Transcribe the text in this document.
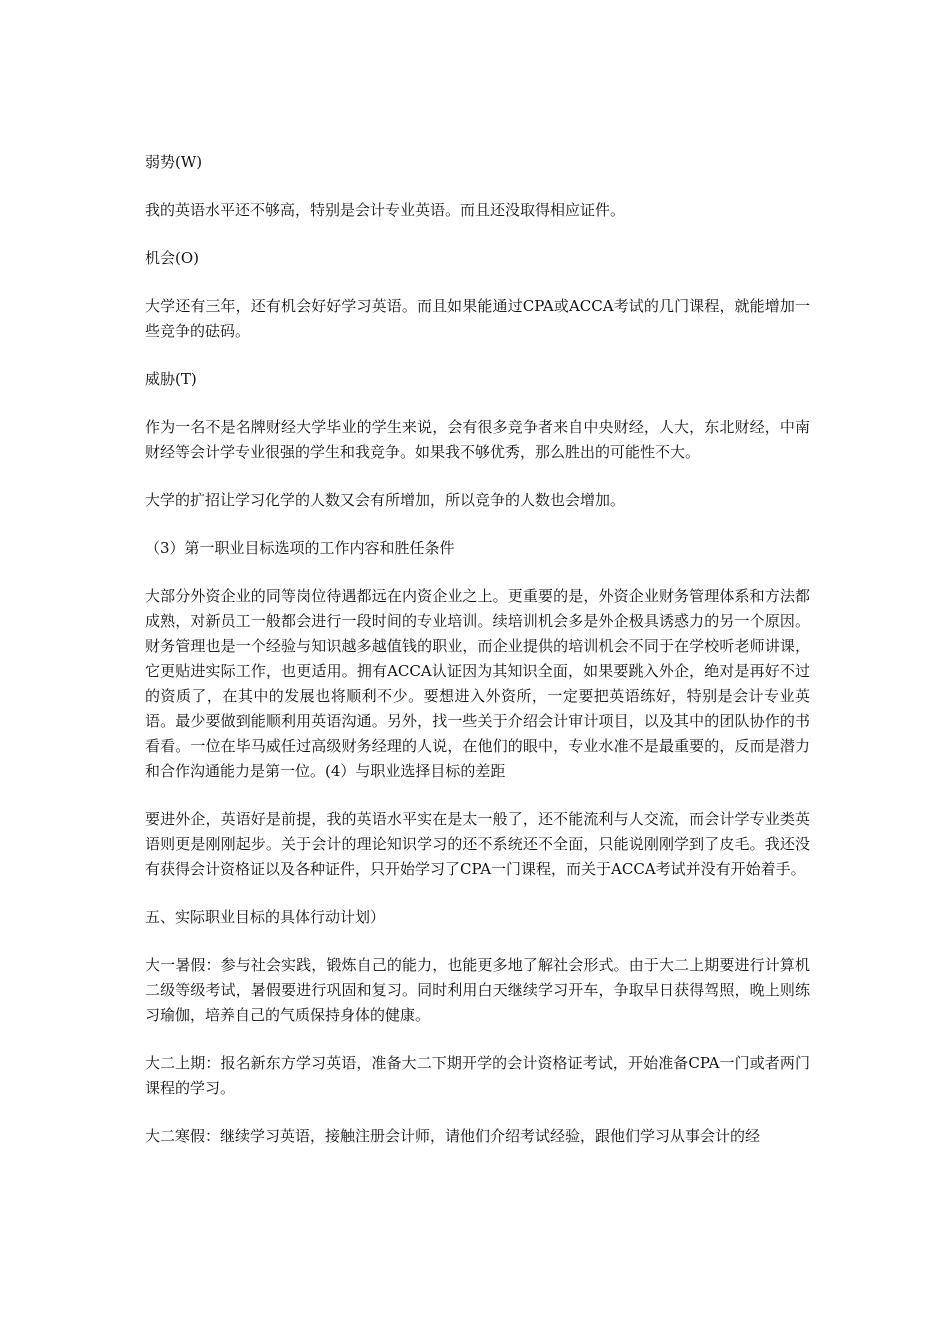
弱势(W)

我的英语水平还不够高，特别是会计专业英语。而且还没取得相应证件。

机会(O)

大学还有三年，还有机会好好学习英语。而且如果能通过CPA或ACCA考试的几门课程，就能增加一些竞争的砝码。

威胁(T)

作为一名不是名牌财经大学毕业的学生来说，会有很多竞争者来自中央财经，人大，东北财经，中南财经等会计学专业很强的学生和我竞争。如果我不够优秀，那么胜出的可能性不大。

大学的扩招让学习化学的人数又会有所增加，所以竞争的人数也会增加。

（3）第一职业目标选项的工作内容和胜任条件

大部分外资企业的同等岗位待遇都远在内资企业之上。更重要的是，外资企业财务管理体系和方法都成熟，对新员工一般都会进行一段时间的专业培训。续培训机会多是外企极具诱惑力的另一个原因。财务管理也是一个经验与知识越多越值钱的职业，而企业提供的培训机会不同于在学校听老师讲课，它更贴进实际工作，也更适用。拥有ACCA认证因为其知识全面，如果要跳入外企，绝对是再好不过的资质了，在其中的发展也将顺利不少。要想进入外资所，一定要把英语练好，特别是会计专业英语。最少要做到能顺利用英语沟通。另外，找一些关于介绍会计审计项目，以及其中的团队协作的书看看。一位在毕马威任过高级财务经理的人说，在他们的眼中，专业水准不是最重要的，反而是潜力和合作沟通能力是第一位。(4）与职业选择目标的差距

要进外企，英语好是前提，我的英语水平实在是太一般了，还不能流利与人交流，而会计学专业类英语则更是刚刚起步。关于会计的理论知识学习的还不系统还不全面，只能说刚刚学到了皮毛。我还没有获得会计资格证以及各种证件，只开始学习了CPA一门课程，而关于ACCA考试并没有开始着手。

五、实际职业目标的具体行动计划）

大一暑假：参与社会实践，锻炼自己的能力，也能更多地了解社会形式。由于大二上期要进行计算机二级等级考试，暑假要进行巩固和复习。同时利用白天继续学习开车，争取早日获得驾照，晚上则练习瑜伽，培养自己的气质保持身体的健康。

大二上期：报名新东方学习英语，准备大二下期开学的会计资格证考试，开始准备CPA一门或者两门课程的学习。

大二寒假：继续学习英语，接触注册会计师，请他们介绍考试经验，跟他们学习从事会计的经
